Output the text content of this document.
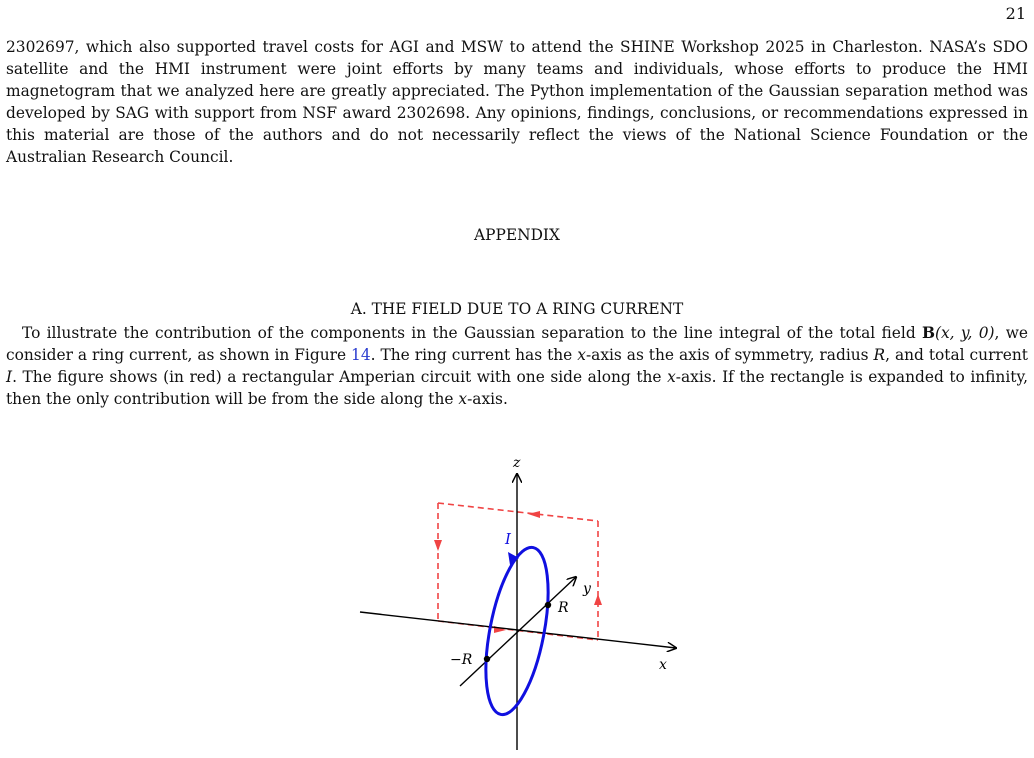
21

2302697, which also supported travel costs for AGI and MSW to attend the SHINE Workshop 2025 in Charleston. NASA’s SDO satellite and the HMI instrument were joint efforts by many teams and individuals, whose efforts to produce the HMI magnetogram that we analyzed here are greatly appreciated. The Python implementation of the Gaussian separation method was developed by SAG with support from NSF award 2302698. Any opinions, findings, conclusions, or recommendations expressed in this material are those of the authors and do not necessarily reflect the views of the National Science Foundation or the Australian Research Council.

APPENDIX
A. THE FIELD DUE TO A RING CURRENT

To illustrate the contribution of the components in the Gaussian separation to the line integral of the total field B(x, y, 0), we consider a ring current, as shown in Figure 14. The ring current has the x-axis as the axis of symmetry, radius R, and total current I. The figure shows (in red) a rectangular Amperian circuit with one side along the x-axis. If the rectangle is expanded to infinity, then the only contribution will be from the side along the x-axis.

z
y
x
I
R
−R
